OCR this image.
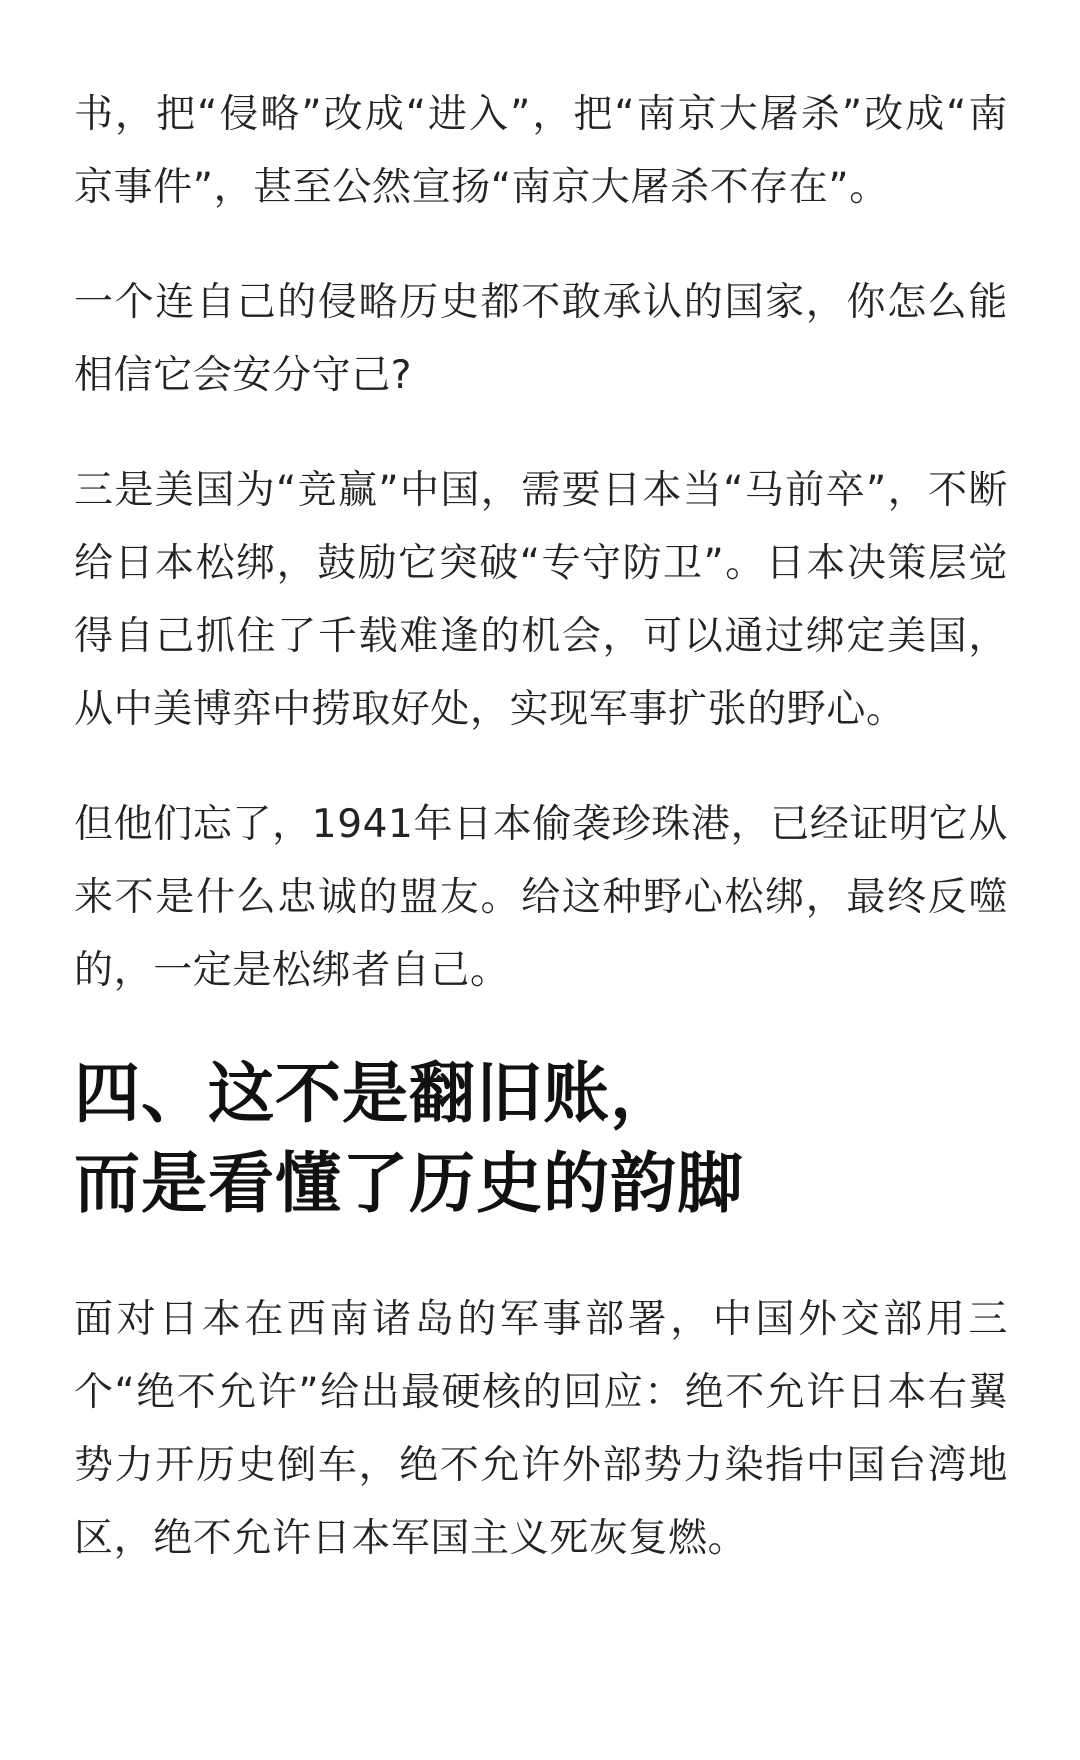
书，把“侵略”改成“进入”，把“南京大屠杀”改成“南京事件”，甚至公然宣扬“南京大屠杀不存在”。

一个连自己的侵略历史都不敢承认的国家，你怎么能相信它会安分守己?

三是美国为“竞赢”中国，需要日本当“马前卒”，不断给日本松绑，鼓励它突破“专守防卫”。日本决策层觉得自己抓住了千载难逢的机会，可以通过绑定美国，从中美博弈中捞取好处，实现军事扩张的野心。

但他们忘了，1941年日本偷袭珍珠港，已经证明它从来不是什么忠诚的盟友。给这种野心松绑，最终反噬的，一定是松绑者自己。

四、这不是翻旧账，
而是看懂了历史的韵脚

面对日本在西南诸岛的军事部署，中国外交部用三个“绝不允许”给出最硬核的回应：绝不允许日本右翼势力开历史倒车，绝不允许外部势力染指中国台湾地区，绝不允许日本军国主义死灰复燃。
